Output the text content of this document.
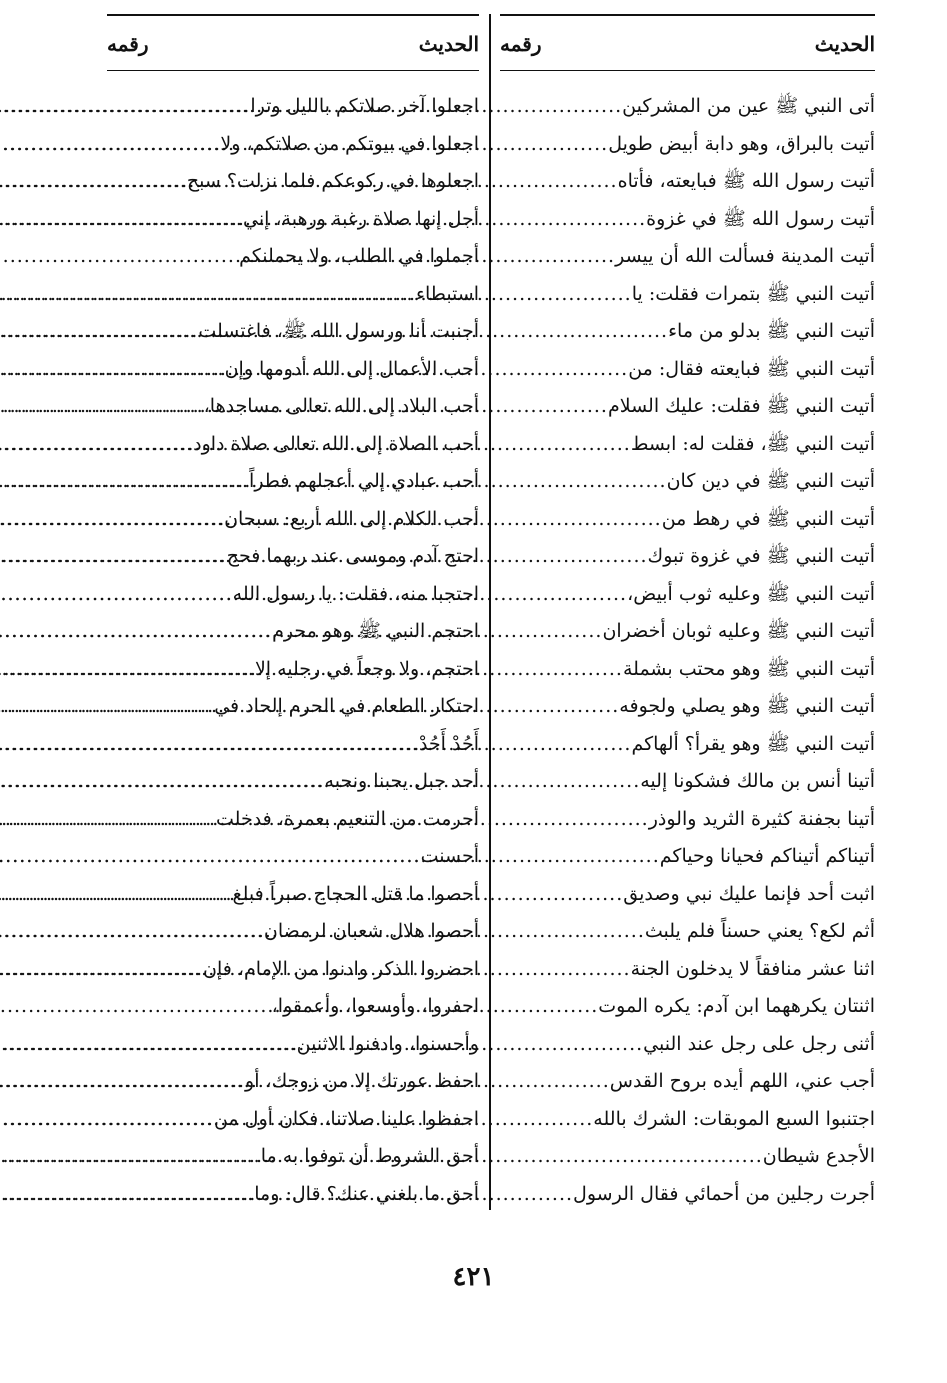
الحديث
رقمه
أتى النبي ﷺ عين من المشركين
.....
أتيت بالبراق، وهو دابة أبيض طويل
.....
أتيت رسول الله ﷺ فبايعته، فأتاه
.....
أتيت رسول الله ﷺ في غزوة
.....
أتيت المدينة فسألت الله أن ييسر
.....
أتيت النبي ﷺ بتمرات فقلت: يا
.....
أتيت النبي ﷺ بدلو من ماء
.....
أتيت النبي ﷺ فبايعته فقال: من
.....
أتيت النبي ﷺ فقلت: عليك السلام
.....
أتيت النبي ﷺ، فقلت له: ابسط
.....
أتيت النبي ﷺ في دين كان
.....
أتيت النبي ﷺ في رهط من
.....
أتيت النبي ﷺ في غزوة تبوك
.....
أتيت النبي ﷺ وعليه ثوب أبيض،
.....
أتيت النبي ﷺ وعليه ثوبان أخضران
.....
أتيت النبي ﷺ وهو محتب بشملة
.....
أتيت النبي ﷺ وهو يصلي ولجوفه
.....
أتيت النبي ﷺ وهو يقرأ؟ ألهاكم
.....
أتينا أنس بن مالك فشكونا إليه
.....
أتينا بجفنة كثيرة الثريد والوذر
.....
أتيناكم أتيناكم فحيانا وحياكم
.....
اثبت أحد فإنما عليك نبي وصديق
.....
أثم لكع؟ يعني حسناً فلم يلبث
.....
اثنا عشر منافقاً لا يدخلون الجنة
.....
اثنتان يكرههما ابن آدم: يكره الموت
.....
أثنى رجل على رجل عند النبي
.....
أجب عني، اللهم أيده بروح القدس
.....
اجتنبوا السبع الموبقات: الشرك بالله
.....
الأجدع شيطان
.....
أجرت رجلين من أحمائي فقال الرسول
.....
الحديث
رقمه
اجعلوا آخر صلاتكم بالليل وترا
.....
اجعلوا في بيوتكم من صلاتكم، ولا
.....
اجعلوها في ركوعكم فلما نزلت؟ سبح
.....
أجل إنها صلاة رغبة ورهبة، إني
.....
أجملوا في الطلب، ولا يحملنكم
استبطاء
.....
أجنبت أنا ورسول الله ﷺ، فاغتسلت
.....
أحب الأعمال إلى الله أدومها وإن
.....
أحب البلاد إلى الله تعالى مساجدها،
.....
أحب الصلاة إلى الله تعالى صلاة داود
.....
أحب عبادي إلي أعجلهم فطراً
.....
أحب الكلام إلى الله أربع: سبحان
.....
احتج آدم وموسى عند ربهما فحج
.....
احتجبا منه، فقلت: يا رسول الله
.....
احتجم النبي ﷺ وهو محرم
.....
احتجم، ولا وجعاً في رجليه إلا
.....
احتكار الطعام في الحرم إلحاد في
.....
أَحُدْ أَحُدْ
.....
أحد جبل يحبنا ونحبه
.....
أحرمت من التنعيم بعمرة، فدخلت
.....
أحسنت
.....
أحصوا ما قتل الحجاج صبراً فبلغ
.....
أحصوا هلال شعبان لرمضان
.....
احضروا الذكر وادنوا من الإمام، فإن
.....
احفروا، وأوسعوا، وأعمقوا،
وأحسنوا، وادفنوا الاثنين
.....
احفظ عورتك إلا من زوجك، أو
.....
احفظوا علينا صلاتنا، فكان أول من
.....
أحق الشروط أن توفوا به ما
.....
أحق ما بلغني عنك؟ قال: وما
.....
٤٢١
